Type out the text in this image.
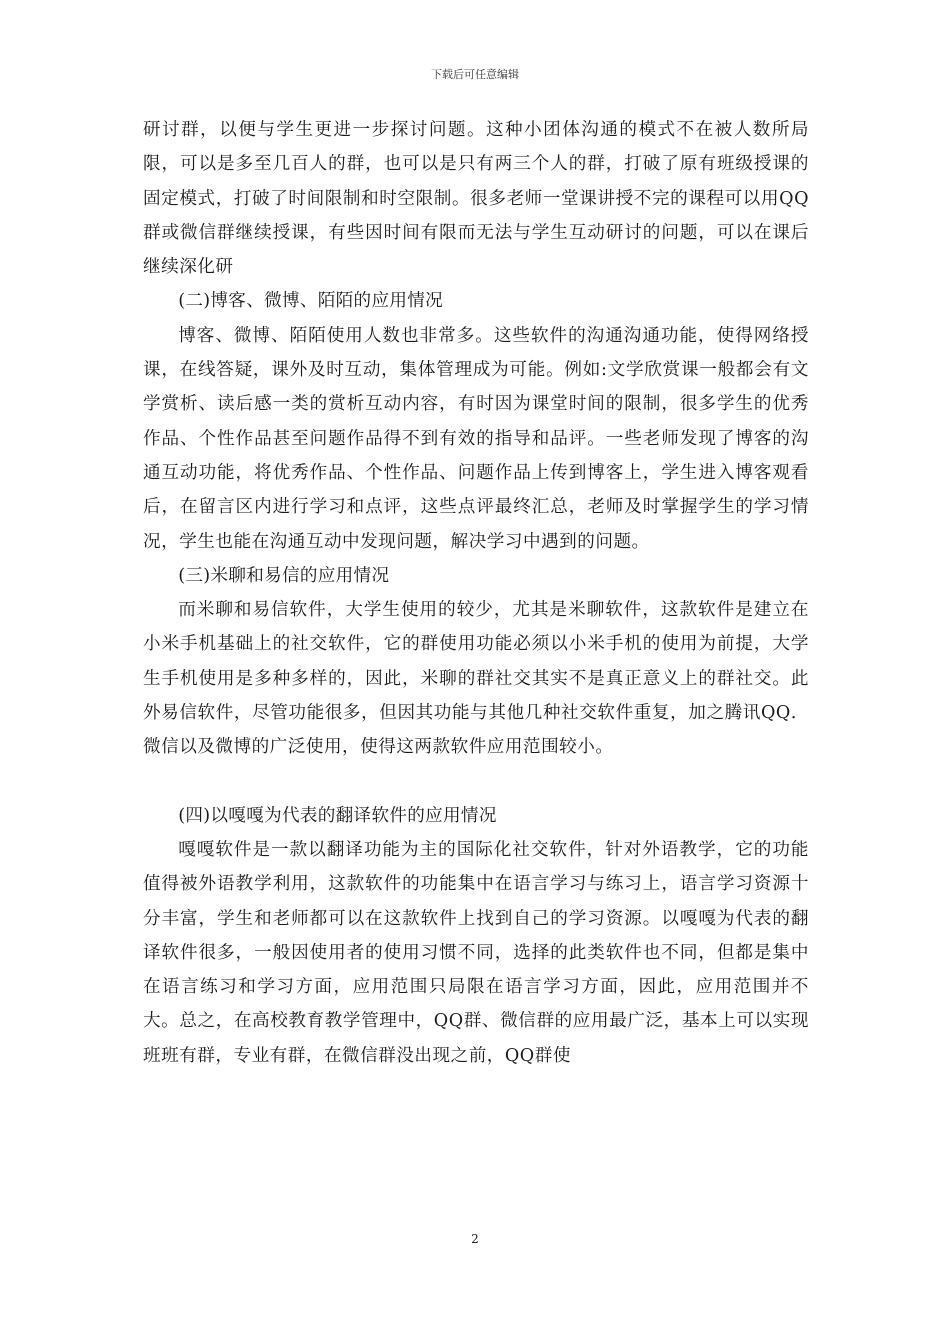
下载后可任意编辑

研讨群，以便与学生更进一步探讨问题。这种小团体沟通的模式不在被人数所局限，可以是多至几百人的群，也可以是只有两三个人的群，打破了原有班级授课的固定模式，打破了时间限制和时空限制。很多老师一堂课讲授不完的课程可以用QQ群或微信群继续授课，有些因时间有限而无法与学生互动研讨的问题，可以在课后继续深化研

(二)博客、微博、陌陌的应用情况

博客、微博、陌陌使用人数也非常多。这些软件的沟通沟通功能，使得网络授课，在线答疑，课外及时互动，集体管理成为可能。例如:文学欣赏课一般都会有文学赏析、读后感一类的赏析互动内容，有时因为课堂时间的限制，很多学生的优秀作品、个性作品甚至问题作品得不到有效的指导和品评。一些老师发现了博客的沟通互动功能，将优秀作品、个性作品、问题作品上传到博客上，学生进入博客观看后，在留言区内进行学习和点评，这些点评最终汇总，老师及时掌握学生的学习情况，学生也能在沟通互动中发现问题，解决学习中遇到的问题。

(三)米聊和易信的应用情况

而米聊和易信软件，大学生使用的较少，尤其是米聊软件，这款软件是建立在小米手机基础上的社交软件，它的群使用功能必须以小米手机的使用为前提，大学生手机使用是多种多样的，因此，米聊的群社交其实不是真正意义上的群社交。此外易信软件，尽管功能很多，但因其功能与其他几种社交软件重复，加之腾讯QQ．微信以及微博的广泛使用，使得这两款软件应用范围较小。

(四)以嘎嘎为代表的翻译软件的应用情况

嘎嘎软件是一款以翻译功能为主的国际化社交软件，针对外语教学，它的功能值得被外语教学利用，这款软件的功能集中在语言学习与练习上，语言学习资源十分丰富，学生和老师都可以在这款软件上找到自己的学习资源。以嘎嘎为代表的翻译软件很多，一般因使用者的使用习惯不同，选择的此类软件也不同，但都是集中在语言练习和学习方面，应用范围只局限在语言学习方面，因此，应用范围并不大。总之，在高校教育教学管理中，QQ群、微信群的应用最广泛，基本上可以实现班班有群，专业有群，在微信群没出现之前，QQ群使

2
